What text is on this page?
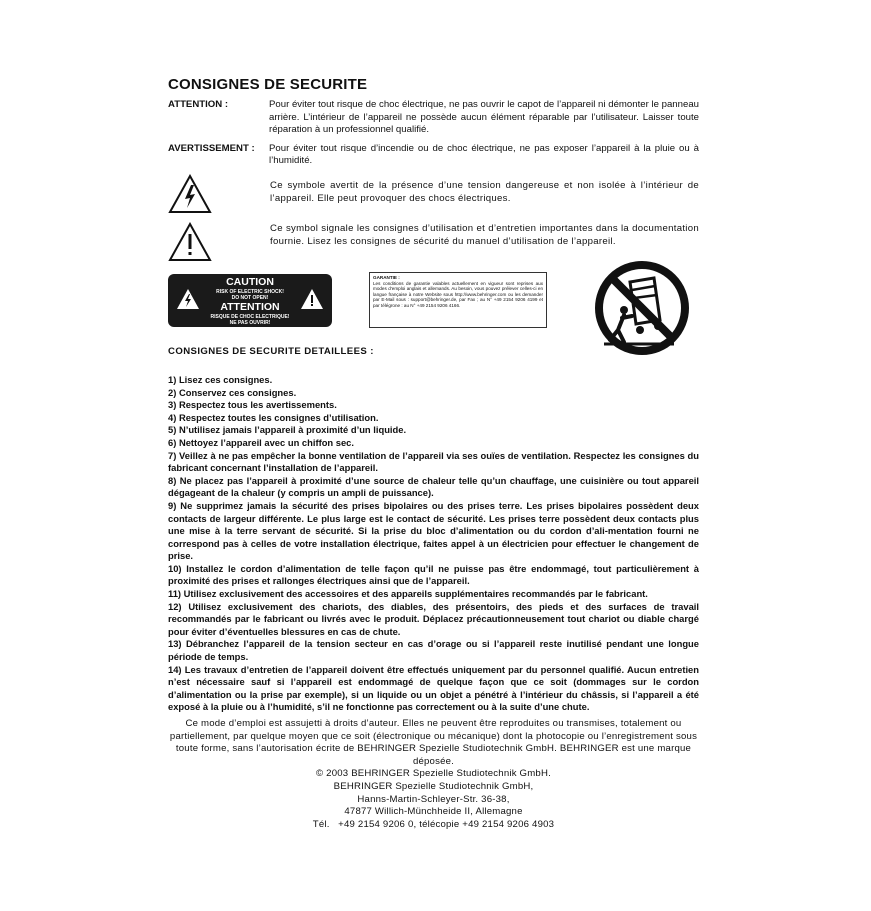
CONSIGNES DE SECURITE
ATTENTION :	Pour éviter tout risque de choc électrique, ne pas ouvrir le capot de l’appareil ni démonter le panneau arrière. L’intérieur de l’appareil ne possède aucun élément réparable par l’utilisateur. Laisser toute réparation à un professionnel qualifié.
AVERTISSEMENT :	Pour éviter tout risque d’incendie ou de choc électrique, ne pas exposer l’appareil à la pluie ou à l’humidité.
Ce symbole avertit de la présence d’une tension dangereuse et non isolée à l’intérieur de l’appareil. Elle peut provoquer des chocs électriques.
Ce symbol signale les consignes d’utilisation et d’entretien importantes dans la documentation fournie. Lisez les consignes de sécurité du manuel d’utilisation de l’appareil.
CAUTION
RISK OF ELECTRIC SHOCK!
DO NOT OPEN!
ATTENTION
RISQUE DE CHOC ELECTRIQUE!
NE PAS OUVRIR!
GARANTIE :
Les conditions de garantie valables actuellement en vigueur sont reprises aux modes d’emploi anglais et allemands. Au besoin, vous pouvez prélever celles-ci en langue française à notre Website sous http://www.behringer.com ou les demander par E-Mail sous : support@behringer.de, par Fax ; au N° +49 2154 9206 4199 et par télégrone : au N° +49 2154 9206 4166.
CONSIGNES DE SECURITE DETAILLEES :
1) Lisez ces consignes.
2) Conservez ces consignes.
3) Respectez tous les avertissements.
4) Respectez toutes les consignes d’utilisation.
5) N’utilisez jamais l’appareil à proximité d’un liquide.
6) Nettoyez l’appareil avec un chiffon sec.
7) Veillez à ne pas empêcher la bonne ventilation de l’appareil via ses ouïes de ventilation. Respectez les consignes du fabricant concernant l’installation de l’appareil.
8) Ne placez pas l’appareil à proximité d’une source de chaleur telle qu’un chauffage, une cuisinière ou tout appareil dégageant de la chaleur (y compris un ampli de puissance).
9) Ne supprimez jamais la sécurité des prises bipolaires ou des prises terre. Les prises bipolaires possèdent deux contacts de largeur différente. Le plus large est le contact de sécurité. Les prises terre possèdent deux contacts plus une mise à la terre servant de sécurité. Si la prise du bloc d’alimentation ou du cordon d’ali-mentation fourni ne correspond pas à celles de votre installation électrique, faites appel à un électricien pour effectuer le changement de prise.
10) Installez le cordon d’alimentation de telle façon qu’il ne puisse pas être endommagé, tout particulièrement à proximité des prises et rallonges électriques ainsi que de l’appareil.
11) Utilisez exclusivement des accessoires et des appareils supplémentaires recommandés par le fabricant.
12) Utilisez exclusivement des chariots, des diables, des présentoirs, des pieds et des surfaces de travail recommandés par le fabricant ou livrés avec le produit. Déplacez précautionneusement tout chariot ou diable chargé pour éviter d’éventuelles blessures en cas de chute.
13) Débranchez l’appareil de la tension secteur en cas d’orage ou si l’appareil reste inutilisé pendant une longue période de temps.
14) Les travaux d’entretien de l’appareil doivent être effectués uniquement par du personnel qualifié. Aucun entretien n’est nécessaire sauf si l’appareil est endommagé de quelque façon que ce soit (dommages sur le cordon d’alimentation ou la prise par exemple), si un liquide ou un objet a pénétré à l’intérieur du châssis, si l’appareil a été exposé à la pluie ou à l’humidité, s’il ne fonctionne pas correctement ou à la suite d’une chute.
Ce mode d’emploi est assujetti à droits d’auteur. Elles ne peuvent être reproduites ou transmises, totalement ou partiellement, par quelque moyen que ce soit (électronique ou mécanique) dont la photocopie ou l’enregistrement sous toute forme, sans l’autorisation écrite de BEHRINGER Spezielle Studiotechnik GmbH. BEHRINGER est une marque déposée.
© 2003 BEHRINGER Spezielle Studiotechnik GmbH.
BEHRINGER Spezielle Studiotechnik GmbH,
Hanns-Martin-Schleyer-Str. 36-38,
47877 Willich-Münchheide II, Allemagne
Tél.   +49 2154 9206 0, télécopie +49 2154 9206 4903
